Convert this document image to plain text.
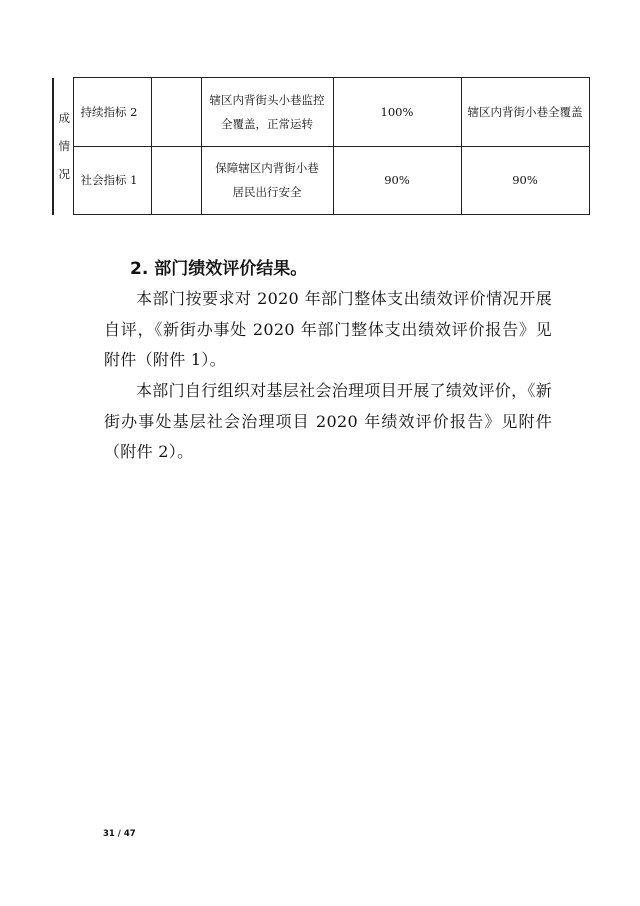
成情况	持续指标 2		辖区内背街头小巷监控全覆盖，正常运转	100%	辖区内背街小巷全覆盖
	社会指标 1		保障辖区内背街小巷居民出行安全	90%	90%
2. 部门绩效评价结果。

本部门按要求对 2020 年部门整体支出绩效评价情况开展自评，《新街办事处 2020 年部门整体支出绩效评价报告》见附件（附件 1）。

本部门自行组织对基层社会治理项目开展了绩效评价，《新街办事处基层社会治理项目 2020 年绩效评价报告》见附件（附件 2）。

31 / 47
